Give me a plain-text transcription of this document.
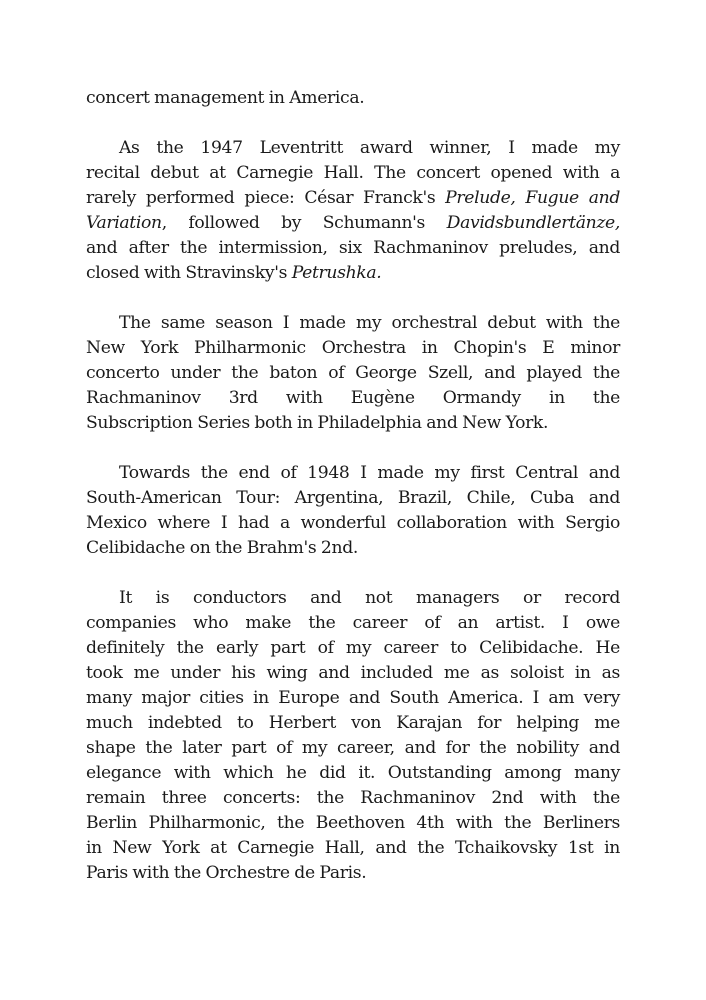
concert management in America.
As the 1947 Leventritt award winner, I made my
recital debut at Carnegie Hall. The concert opened with a
rarely performed piece: César Franck's Prelude, Fugue and
Variation, followed by Schumann's Davidsbundlertänze,
and after the intermission, six Rachmaninov preludes, and
closed with Stravinsky's Petrushka.
The same season I made my orchestral debut with the
New York Philharmonic Orchestra in Chopin's E minor
concerto under the baton of George Szell, and played the
Rachmaninov 3rd with Eugène Ormandy in the
Subscription Series both in Philadelphia and New York.
Towards the end of 1948 I made my first Central and
South-American Tour: Argentina, Brazil, Chile, Cuba and
Mexico where I had a wonderful collaboration with Sergio
Celibidache on the Brahm's 2nd.
It is conductors and not managers or record
companies who make the career of an artist. I owe
definitely the early part of my career to Celibidache. He
took me under his wing and included me as soloist in as
many major cities in Europe and South America. I am very
much indebted to Herbert von Karajan for helping me
shape the later part of my career, and for the nobility and
elegance with which he did it. Outstanding among many
remain three concerts: the Rachmaninov 2nd with the
Berlin Philharmonic, the Beethoven 4th with the Berliners
in New York at Carnegie Hall, and the Tchaikovsky 1st in
Paris with the Orchestre de Paris.
